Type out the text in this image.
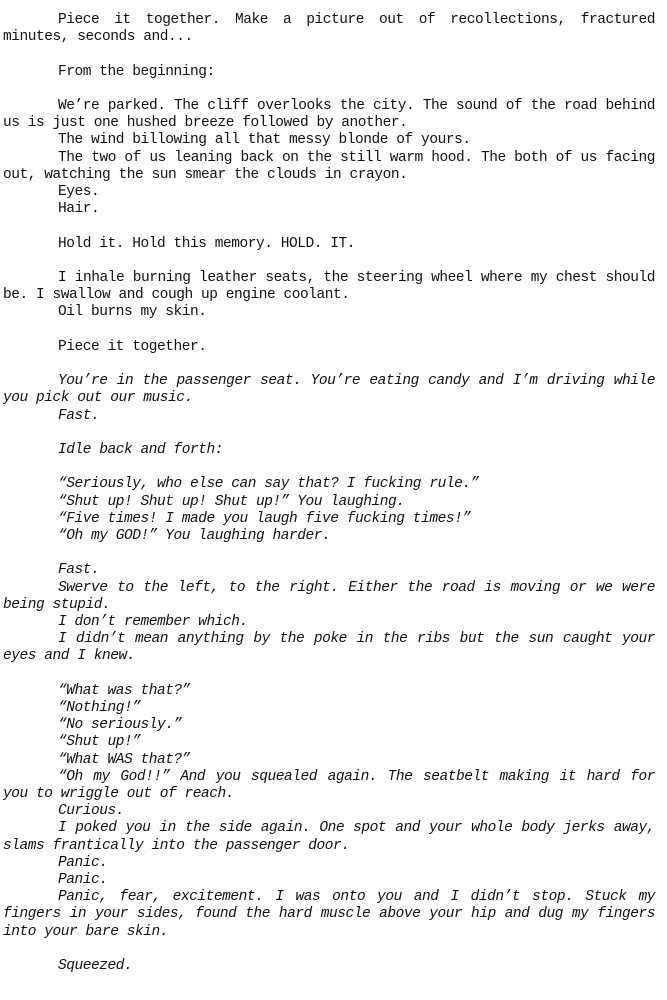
Piece it together. Make a picture out of recollections, fractured minutes, seconds and...

From the beginning:

We’re parked. The cliff overlooks the city. The sound of the road behind us is just one hushed breeze followed by another.

The wind billowing all that messy blonde of yours.

The two of us leaning back on the still warm hood. The both of us facing out, watching the sun smear the clouds in crayon.

Eyes.

Hair.

Hold it. Hold this memory. HOLD. IT.

I inhale burning leather seats, the steering wheel where my chest should be. I swallow and cough up engine coolant.

Oil burns my skin.

Piece it together.

You’re in the passenger seat. You’re eating candy and I’m driving while you pick out our music.

Fast.

Idle back and forth:

“Seriously, who else can say that? I fucking rule.”

“Shut up! Shut up! Shut up!” You laughing.

“Five times! I made you laugh five fucking times!”

“Oh my GOD!” You laughing harder.

Fast.

Swerve to the left, to the right. Either the road is moving or we were being stupid.

I don’t remember which.

I didn’t mean anything by the poke in the ribs but the sun caught your eyes and I knew.

“What was that?”

“Nothing!”

“No seriously.”

“Shut up!”

“What WAS that?”

“Oh my God!!” And you squealed again. The seatbelt making it hard for you to wriggle out of reach.

Curious.

I poked you in the side again. One spot and your whole body jerks away, slams frantically into the passenger door.

Panic.

Panic.

Panic, fear, excitement. I was onto you and I didn’t stop. Stuck my fingers in your sides, found the hard muscle above your hip and dug my fingers into your bare skin.

Squeezed.
